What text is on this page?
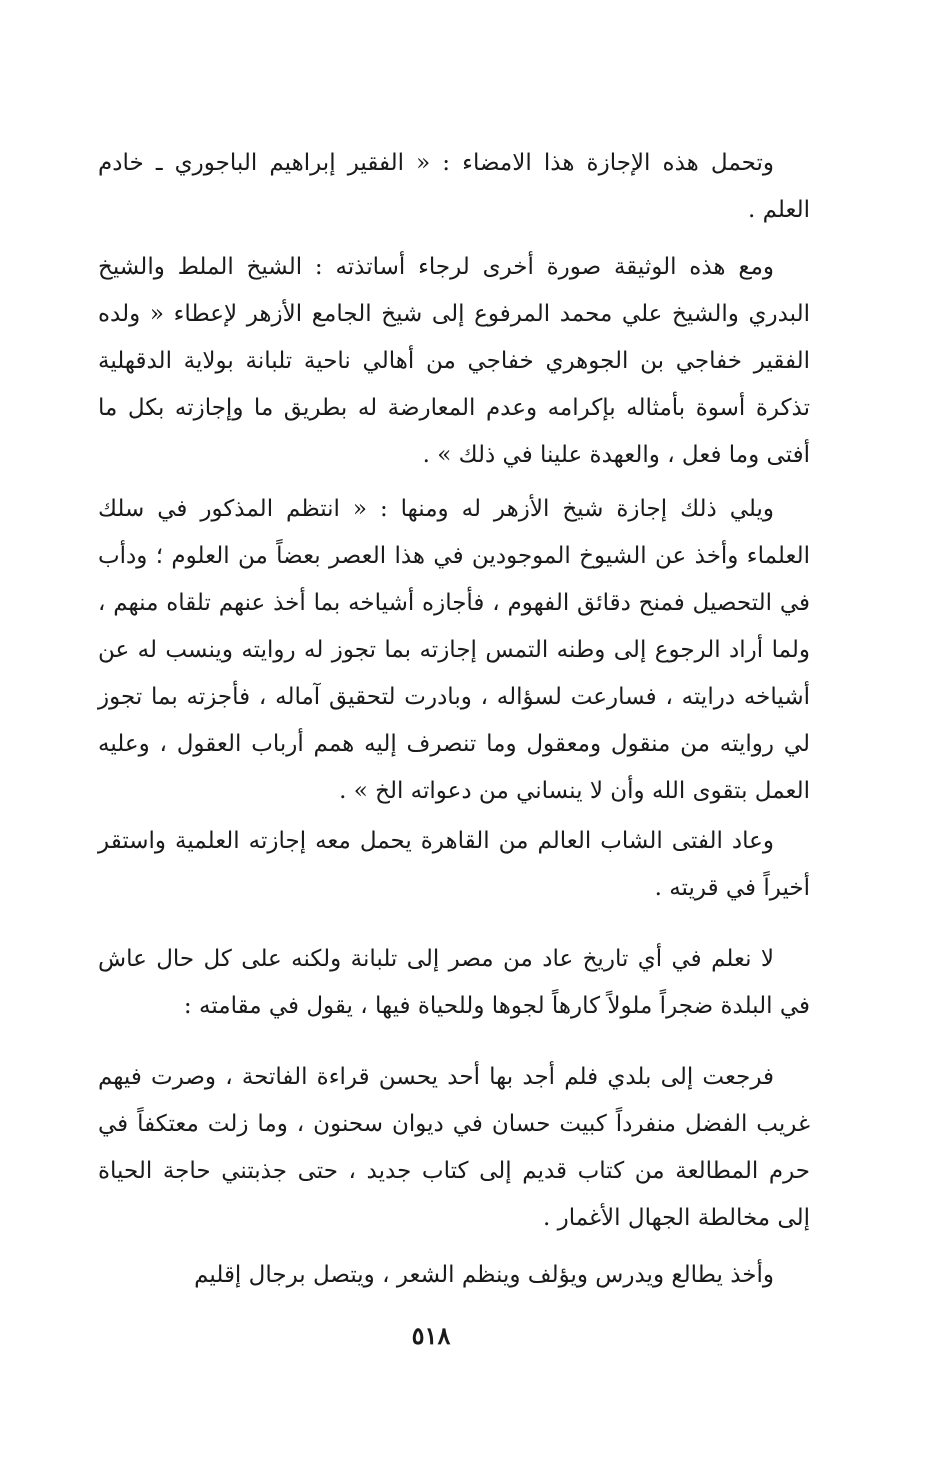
وتحمل هذه الإجازة هذا الامضاء : « الفقير إبراهيم الباجوري ـ خادم العلم .

ومع هذه الوثيقة صورة أخرى لرجاء أساتذته : الشيخ الملط والشيخ البدري والشيخ علي محمد المرفوع إلى شيخ الجامع الأزهر لإعطاء « ولده الفقير خفاجي بن الجوهري خفاجي من أهالي ناحية تلبانة بولاية الدقهلية تذكرة أسوة بأمثاله بإكرامه وعدم المعارضة له بطريق ما وإجازته بكل ما أفتى وما فعل ، والعهدة علينا في ذلك » .

ويلي ذلك إجازة شيخ الأزهر له ومنها : « انتظم المذكور في سلك العلماء وأخذ عن الشيوخ الموجودين في هذا العصر بعضاً من العلوم ؛ ودأب في التحصيل فمنح دقائق الفهوم ، فأجازه أشياخه بما أخذ عنهم تلقاه منهم ، ولما أراد الرجوع إلى وطنه التمس إجازته بما تجوز له روايته وينسب له عن أشياخه درايته ، فسارعت لسؤاله ، وبادرت لتحقيق آماله ، فأجزته بما تجوز لي روايته من منقول ومعقول وما تنصرف إليه همم أرباب العقول ، وعليه العمل بتقوى الله وأن لا ينساني من دعواته الخ » .

وعاد الفتى الشاب العالم من القاهرة يحمل معه إجازته العلمية واستقر أخيراً في قريته .

لا نعلم في أي تاريخ عاد من مصر إلى تلبانة ولكنه على كل حال عاش في البلدة ضجراً ملولاً كارهاً لجوها وللحياة فيها ، يقول في مقامته :

فرجعت إلى بلدي فلم أجد بها أحد يحسن قراءة الفاتحة ، وصرت فيهم غريب الفضل منفرداً كبيت حسان في ديوان سحنون ، وما زلت معتكفاً في حرم المطالعة من كتاب قديم إلى كتاب جديد ، حتى جذبتني حاجة الحياة إلى مخالطة الجهال الأغمار .

وأخذ يطالع ويدرس ويؤلف وينظم الشعر ، ويتصل برجال إقليم

٥١٨
